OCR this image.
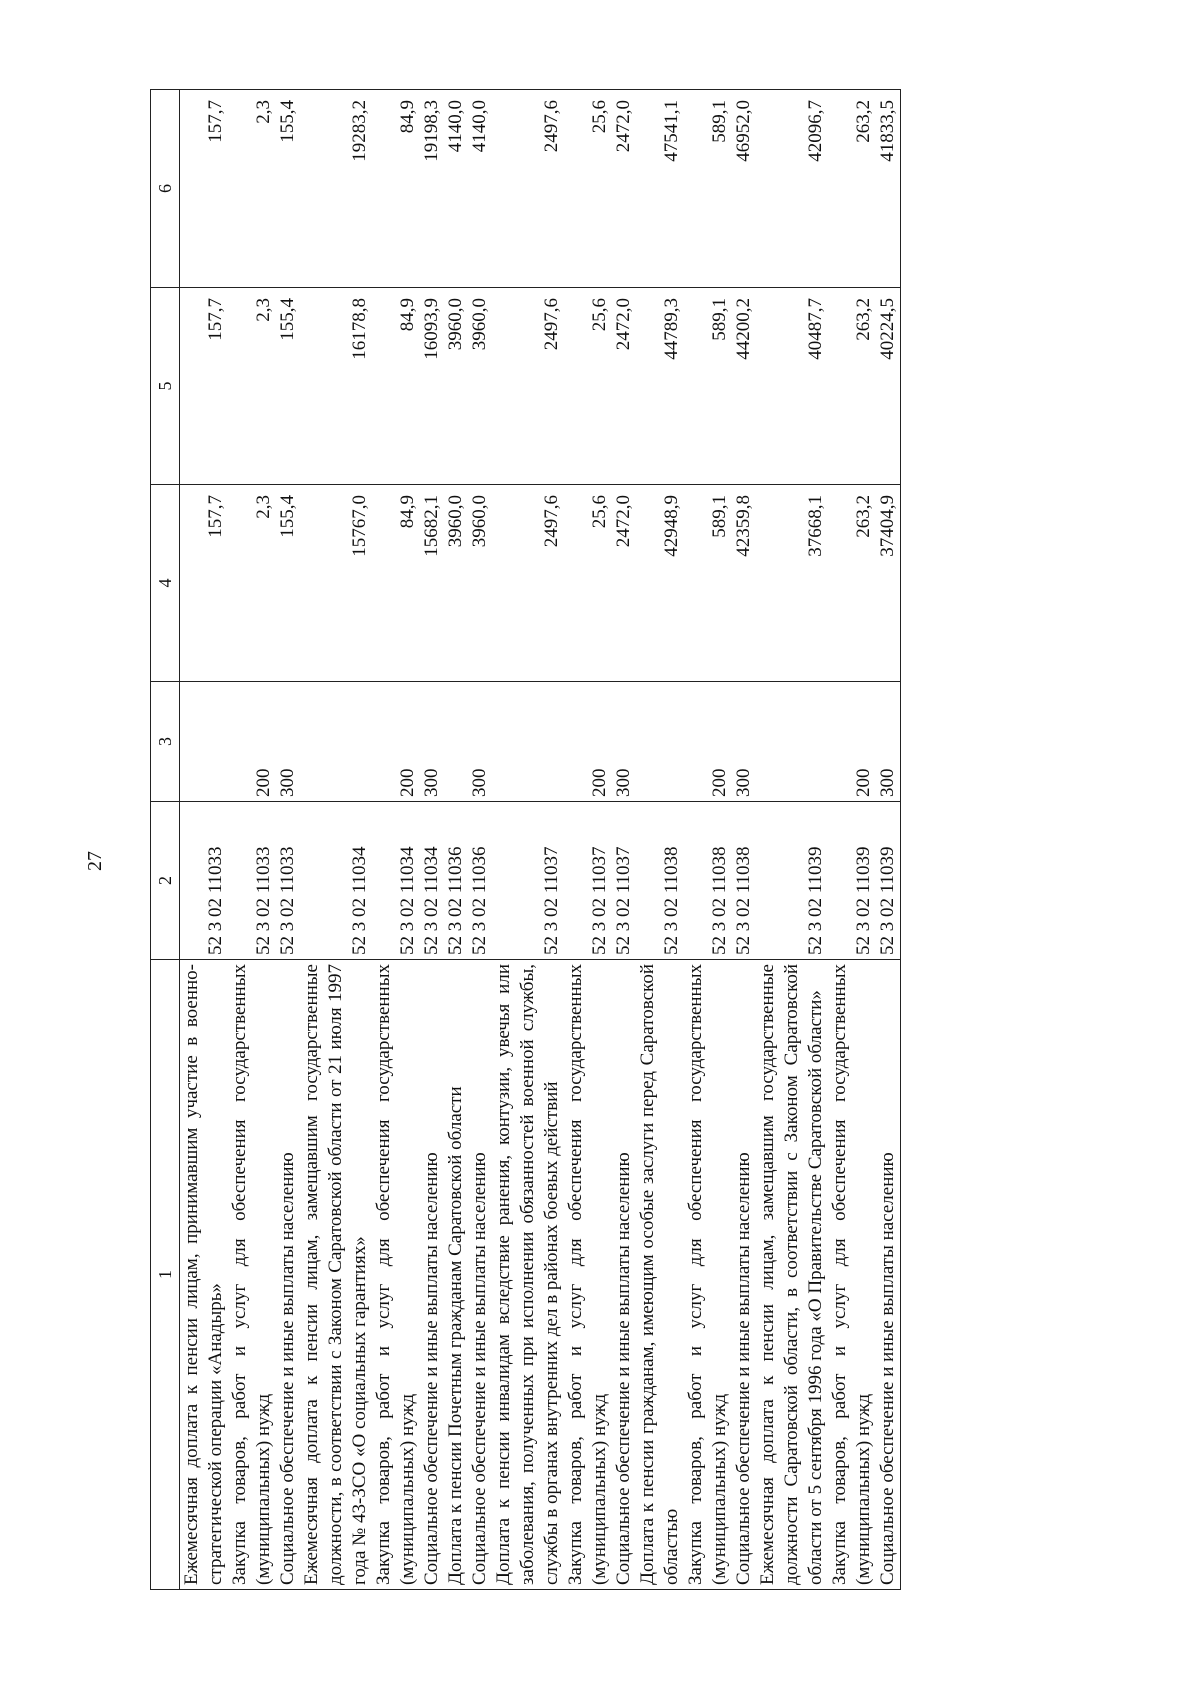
27
1	2	3	4	5	6
Ежемесячная доплата к пенсии лицам, принимавшим участие в военно-стратегической операции «Анадырь»	52 3 02 11033		157,7	157,7	157,7
Закупка товаров, работ и услуг для обеспечения государственных (муниципальных) нужд	52 3 02 11033	200	2,3	2,3	2,3
Социальное обеспечение и иные выплаты населению	52 3 02 11033	300	155,4	155,4	155,4
Ежемесячная доплата к пенсии лицам, замещавшим государственные должности, в соответствии с Законом Саратовской области от 21 июля 1997 года № 43-ЗСО «О социальных гарантиях»	52 3 02 11034		15767,0	16178,8	19283,2
Закупка товаров, работ и услуг для обеспечения государственных (муниципальных) нужд	52 3 02 11034	200	84,9	84,9	84,9
Социальное обеспечение и иные выплаты населению	52 3 02 11034	300	15682,1	16093,9	19198,3
Доплата к пенсии Почетным гражданам Саратовской области	52 3 02 11036		3960,0	3960,0	4140,0
Социальное обеспечение и иные выплаты населению	52 3 02 11036	300	3960,0	3960,0	4140,0
Доплата к пенсии инвалидам вследствие ранения, контузии, увечья или заболевания, полученных при исполнении обязанностей военной службы, службы в органах внутренних дел в районах боевых действий	52 3 02 11037		2497,6	2497,6	2497,6
Закупка товаров, работ и услуг для обеспечения государственных (муниципальных) нужд	52 3 02 11037	200	25,6	25,6	25,6
Социальное обеспечение и иные выплаты населению	52 3 02 11037	300	2472,0	2472,0	2472,0
Доплата к пенсии гражданам, имеющим особые заслуги перед Саратовской областью	52 3 02 11038		42948,9	44789,3	47541,1
Закупка товаров, работ и услуг для обеспечения государственных (муниципальных) нужд	52 3 02 11038	200	589,1	589,1	589,1
Социальное обеспечение и иные выплаты населению	52 3 02 11038	300	42359,8	44200,2	46952,0
Ежемесячная доплата к пенсии лицам, замещавшим государственные должности Саратовской области, в соответствии с Законом Саратовской области от 5 сентября 1996 года «О Правительстве Саратовской области»	52 3 02 11039		37668,1	40487,7	42096,7
Закупка товаров, работ и услуг для обеспечения государственных (муниципальных) нужд	52 3 02 11039	200	263,2	263,2	263,2
Социальное обеспечение и иные выплаты населению	52 3 02 11039	300	37404,9	40224,5	41833,5
